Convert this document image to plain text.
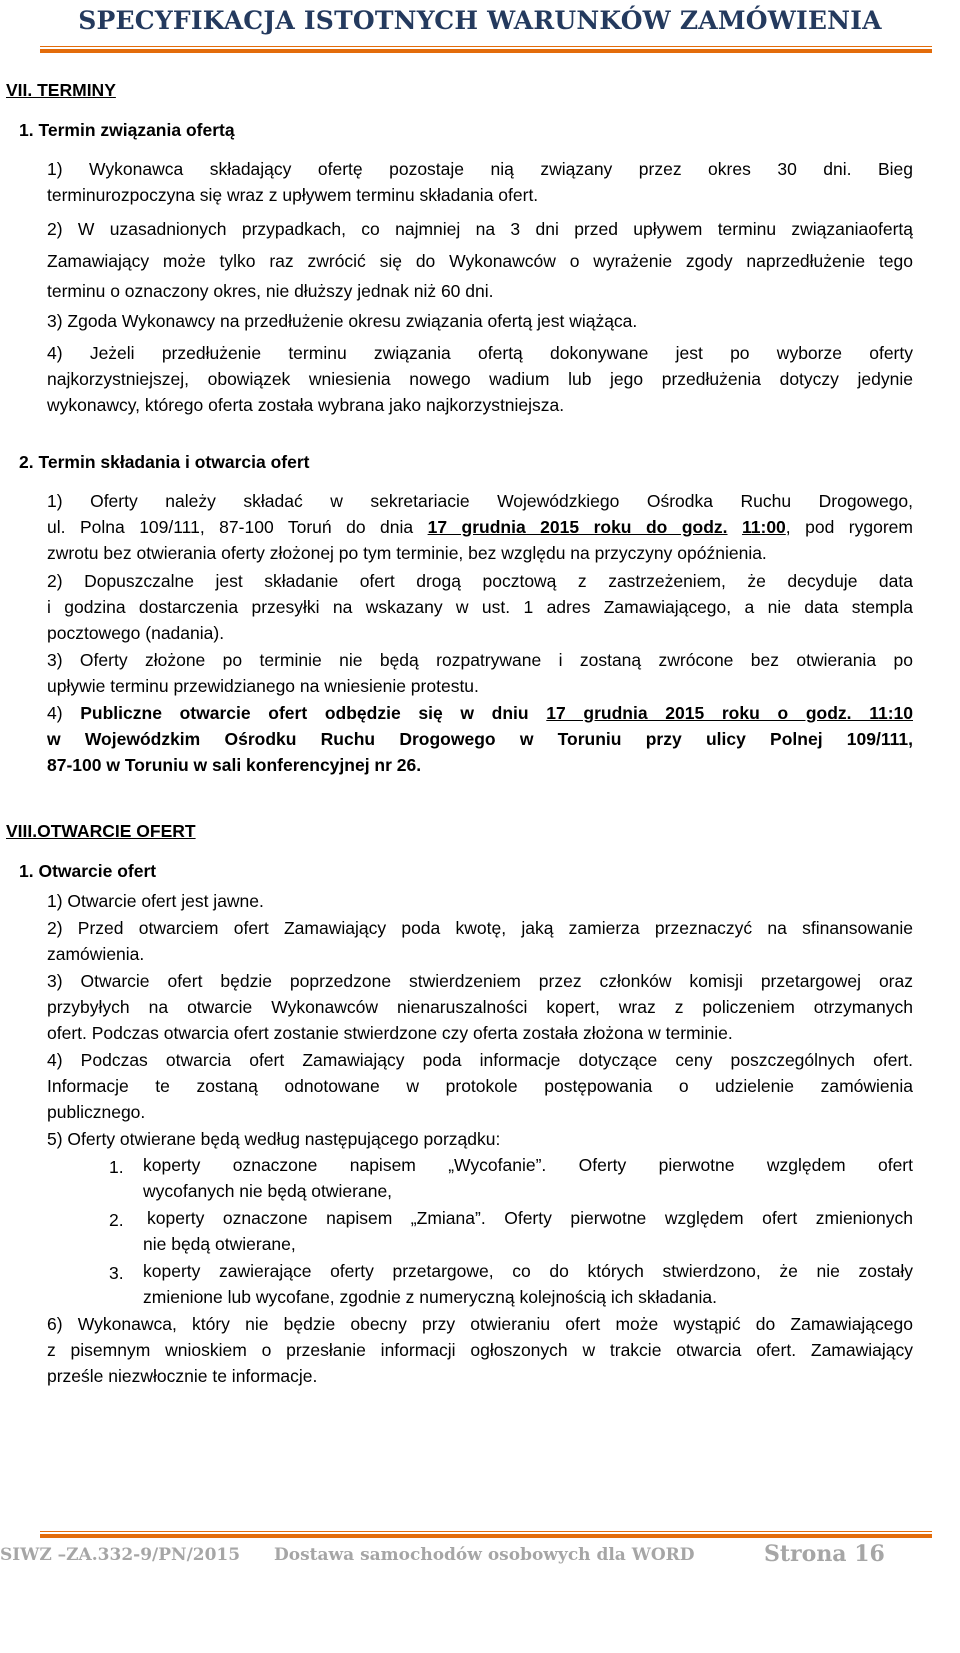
SPECYFIKACJA ISTOTNYCH WARUNKÓW ZAMÓWIENIA
VII. TERMINY
1. Termin związania ofertą
1) Wykonawca składający ofertę pozostaje nią związany przez okres 30 dni. Bieg
terminurozpoczyna się wraz z upływem terminu składania ofert.
2) W uzasadnionych przypadkach, co najmniej na 3 dni przed upływem terminu związaniaofertą
Zamawiający może tylko raz zwrócić się do Wykonawców o wyrażenie zgody naprzedłużenie tego
terminu o oznaczony okres, nie dłuższy jednak niż 60 dni.
3) Zgoda Wykonawcy na przedłużenie okresu związania ofertą jest wiążąca.
4) Jeżeli przedłużenie terminu związania ofertą dokonywane jest po wyborze oferty
najkorzystniejszej, obowiązek wniesienia nowego wadium lub jego przedłużenia dotyczy jedynie
wykonawcy, którego oferta została wybrana jako najkorzystniejsza.
2. Termin składania i otwarcia ofert
1) Oferty należy składać w sekretariacie Wojewódzkiego Ośrodka Ruchu Drogowego,
ul. Polna 109/111, 87-100 Toruń do dnia 17 grudnia 2015 roku do godz. 11:00, pod rygorem
zwrotu bez otwierania oferty złożonej po tym terminie, bez względu na przyczyny opóźnienia.
2) Dopuszczalne jest składanie ofert drogą pocztową z zastrzeżeniem, że decyduje data
i godzina dostarczenia przesyłki na wskazany w ust. 1 adres Zamawiającego, a nie data stempla
pocztowego (nadania).
3) Oferty złożone po terminie nie będą rozpatrywane i zostaną zwrócone bez otwierania po
upływie terminu przewidzianego na wniesienie protestu.
4) Publiczne otwarcie ofert odbędzie się w dniu 17 grudnia 2015 roku o godz. 11:10
w Wojewódzkim Ośrodku Ruchu Drogowego w Toruniu przy ulicy Polnej 109/111,
87-100 w Toruniu w sali konferencyjnej nr 26.
VIII.OTWARCIE OFERT
1. Otwarcie ofert
1) Otwarcie ofert jest jawne.
2) Przed otwarciem ofert Zamawiający poda kwotę, jaką zamierza przeznaczyć na sfinansowanie
zamówienia.
3) Otwarcie ofert będzie poprzedzone stwierdzeniem przez członków komisji przetargowej oraz
przybyłych na otwarcie Wykonawców nienaruszalności kopert, wraz z policzeniem otrzymanych
ofert. Podczas otwarcia ofert zostanie stwierdzone czy oferta została złożona w terminie.
4) Podczas otwarcia ofert Zamawiający poda informacje dotyczące ceny poszczególnych ofert.
Informacje te zostaną odnotowane w protokole postępowania o udzielenie zamówienia
publicznego.
5) Oferty otwierane będą według następującego porządku:
1. koperty oznaczone napisem „Wycofanie”. Oferty pierwotne względem ofert
wycofanych nie będą otwierane,
2. koperty oznaczone napisem „Zmiana”. Oferty pierwotne względem ofert zmienionych
nie będą otwierane,
3. koperty zawierające oferty przetargowe, co do których stwierdzono, że nie zostały
zmienione lub wycofane, zgodnie z numeryczną kolejnością ich składania.
6) Wykonawca, który nie będzie obecny przy otwieraniu ofert może wystąpić do Zamawiającego
z pisemnym wnioskiem o przesłanie informacji ogłoszonych w trakcie otwarcia ofert. Zamawiający
prześle niezwłocznie te informacje.
SIWZ –ZA.332-9/PN/2015 Dostawa samochodów osobowych dla WORD	Strona 16
